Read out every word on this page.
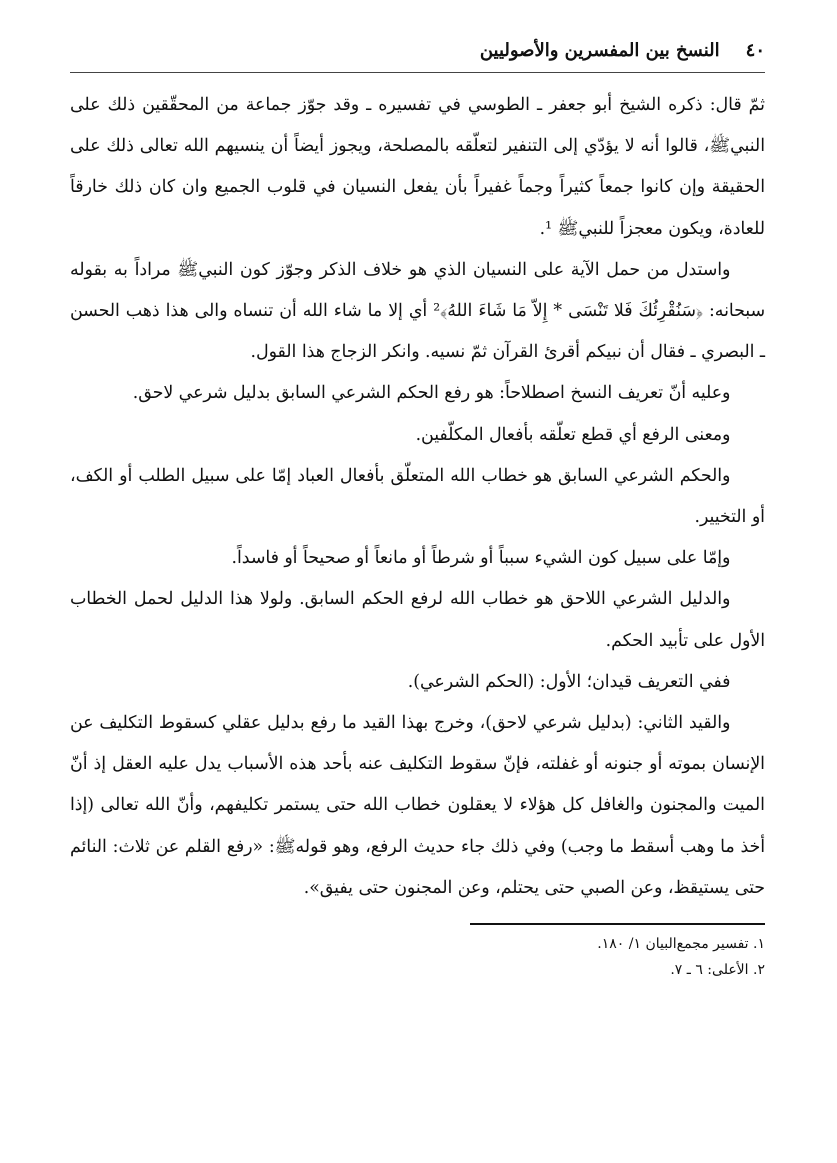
٤٠
النسخ بين المفسرين والأصوليين

ثمّ قال: ذكره الشيخ أبو جعفر ـ الطوسي في تفسيره ـ وقد جوّز جماعة من المحقّقين ذلك على النبيﷺ، قالوا أنه لا يؤدّي إلى التنفير لتعلّقه بالمصلحة، ويجوز أيضاً أن ينسيهم الله تعالى ذلك على الحقيقة وإن كانوا جمعاً كثيراً وجماً غفيراً بأن يفعل النسيان في قلوب الجميع وان كان ذلك خارقاً للعادة، ويكون معجزاً للنبيﷺ ¹.

واستدل من حمل الآية على النسيان الذي هو خلاف الذكر وجوّز كون النبيﷺ مراداً به بقوله سبحانه: ﴿سَنُقْرِئُكَ فَلا تَنْسَى * إِلاّ مَا شَاءَ اللهُ﴾² أي إلا ما شاء الله أن تنساه والى هذا ذهب الحسن ـ البصري ـ فقال أن نبيكم أقرئ القرآن ثمّ نسيه. وانكر الزجاج هذا القول.

وعليه أنّ تعريف النسخ اصطلاحاً: هو رفع الحكم الشرعي السابق بدليل شرعي لاحق.

ومعنى الرفع أي قطع تعلّقه بأفعال المكلّفين.

والحكم الشرعي السابق هو خطاب الله المتعلّق بأفعال العباد إمّا على سبيل الطلب أو الكف، أو التخيير.

وإمّا على سبيل كون الشيء سبباً أو شرطاً أو مانعاً أو صحيحاً أو فاسداً.

والدليل الشرعي اللاحق هو خطاب الله لرفع الحكم السابق. ولولا هذا الدليل لحمل الخطاب الأول على تأبيد الحكم.

ففي التعريف قيدان؛ الأول: (الحكم الشرعي).

والقيد الثاني: (بدليل شرعي لاحق)، وخرج بهذا القيد ما رفع بدليل عقلي كسقوط التكليف عن الإنسان بموته أو جنونه أو غفلته، فإنّ سقوط التكليف عنه بأحد هذه الأسباب يدل عليه العقل إذ أنّ الميت والمجنون والغافل كل هؤلاء لا يعقلون خطاب الله حتى يستمر تكليفهم، وأنّ الله تعالى (إذا أخذ ما وهب أسقط ما وجب) وفي ذلك جاء حديث الرفع، وهو قولهﷺ: «رفع القلم عن ثلاث: النائم حتى يستيقظ، وعن الصبي حتى يحتلم، وعن المجنون حتى يفيق».

١. تفسير مجمع‌البيان ١/ ١٨٠.

٢. الأعلى: ٦ ـ ٧.
